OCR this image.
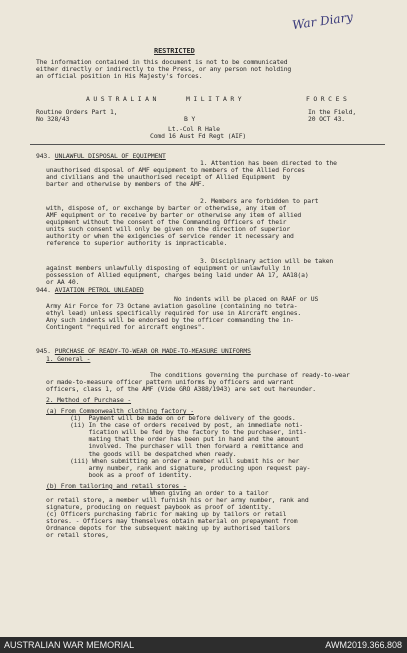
War Diary
RESTRICTED
The information contained in this document is not to be communicated
either directly or indirectly to the Press, or any person not holding
an official position in His Majesty's forces.
A U S T R A L I A N	M I L I T A R Y	F O R C E S
Routine Orders Part 1,
No 328/43	B Y
In the Field,
20 OCT 43.
Lt.-Col R Hale
Comd 16 Aust Fd Regt (AIF)
943. UNLAWFUL DISPOSAL OF EQUIPMENT
1. Attention has been directed to the
unauthorised disposal of AMF equipment to members of the Allied Forces
and civilians and the unauthorised receipt of Allied Equipment  by
barter and otherwise by members of the AMF.
2. Members are forbidden to part
with, dispose of, or exchange by barter or otherwise, any item of
AMF equipment or to receive by barter or otherwise any item of allied
equipment without the consent of the Commanding Officers of their
units such consent will only be given on the direction of superior
authority or when the exigencies of service render it necessary and
reference to superior authority is impracticable.
3. Disciplinary action will be taken
against members unlawfully disposing of equipment or unlawfully in
possession of Allied equipment, charges being laid under AA 17, AA18(a)
or AA 40.
944. AVIATION PETROL UNLEADED
No indents will be placed on RAAF or US
Army Air Force for 73 Octane aviation gasoline (containing no tetra-
ethyl lead) unless specifically required for use in Aircraft engines.
Any such indents will be endorsed by the officer commanding the in-
Contingent "required for aircraft engines".
945. PURCHASE OF READY-TO-WEAR OR MADE-TO-MEASURE UNIFORMS
1. General -
The conditions governing the purchase of ready-to-wear
or made-to-measure officer pattern uniforms by officers and warrant
officers, class 1, of the AMF (Vide GRO A388/1943) are set out hereunder.
2. Method of Purchase -
(a) From Commonwealth clothing factory -
(i)  Payment will be made on or before delivery of the goods.
(ii) In the case of orders received by post, an immediate noti-
fication will be fed by the factory to the purchaser, inti-
mating that the order has been put in hand and the amount
involved. The purchaser will then forward a remittance and
the goods will be despatched when ready.
(iii) When submitting an order a member will submit his or her
army number, rank and signature, producing upon request pay-
book as a proof of identity.
(b) From tailoring and retail stores -
When giving an order to a tailor
or retail store, a member will furnish his or her army number, rank and
signature, producing on request paybook as proof of identity.
(c) Officers purchasing fabric for making up by tailors or retail
stores. - Officers may themselves obtain material on prepayment from
Ordnance depots for the subsequent making up by authorised tailors
or retail stores,
AUSTRALIAN WAR MEMORIAL	AWM2019.366.808
